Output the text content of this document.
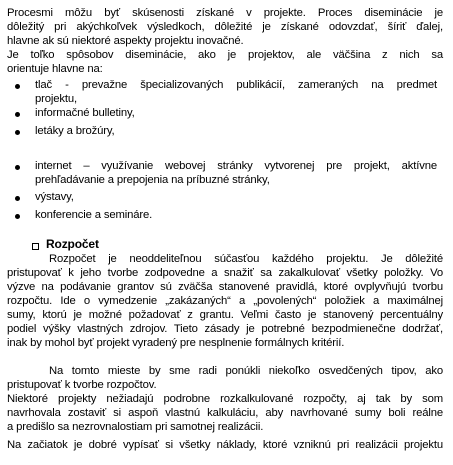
Procesmi môžu byť skúsenosti získané v projekte. Proces diseminácie je
dôležitý pri akýchkoľvek výsledkoch, dôležité je získané odovzdať, šíriť ďalej,
hlavne ak sú niektoré aspekty projektu inovačné.
Je toľko spôsobov diseminácie, ako je projektov, ale väčšina z nich sa
orientuje hlavne na:
tlač - prevažne špecializovaných publikácií, zameraných na predmet
projektu,
informačné bulletiny,
letáky a brožúry,
internet – využívanie webovej stránky vytvorenej pre projekt, aktívne
prehľadávanie a prepojenia na príbuzné stránky,
výstavy,
konferencie a semináre.
Rozpočet
Rozpočet je neoddeliteľnou súčasťou každého projektu. Je dôležité
pristupovať k jeho tvorbe zodpovedne a snažiť sa zakalkulovať všetky položky. Vo
výzve na podávanie grantov sú zväčša stanovené pravidlá, ktoré ovplyvňujú tvorbu
rozpočtu. Ide o vymedzenie „zakázaných“ a „povolených“ položiek a maximálnej
sumy, ktorú je možné požadovať z grantu. Veľmi často je stanovený percentuálny
podiel výšky vlastných zdrojov. Tieto zásady je potrebné bezpodmienečne dodržať,
inak by mohol byť projekt vyradený pre nesplnenie formálnych kritérií.
Na tomto mieste by sme radi ponúkli niekoľko osvedčených tipov, ako
pristupovať k tvorbe rozpočtov.
Niektoré projekty nežiadajú podrobne rozkalkulované rozpočty, aj tak by som
navrhovala zostaviť si aspoň vlastnú kalkuláciu, aby navrhované sumy boli reálne
a predišlo sa nezrovnalostiam pri samotnej realizácii.
Na začiatok je dobré vypísať si všetky náklady, ktoré vzniknú pri realizácii projektu
